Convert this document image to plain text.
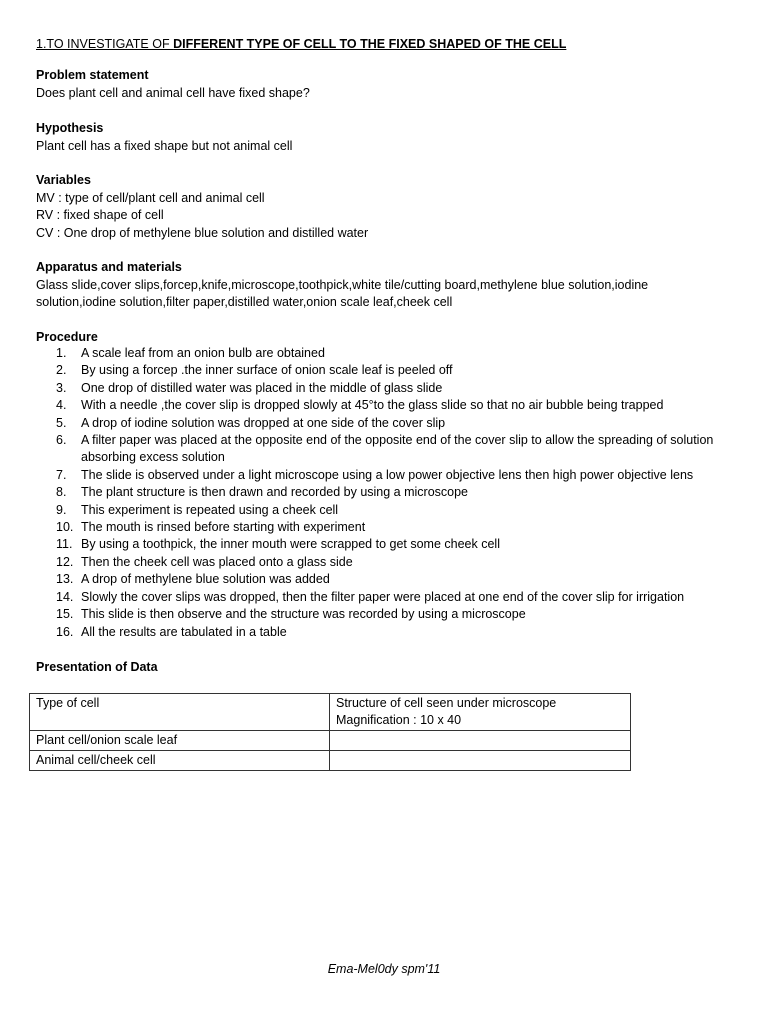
1.TO INVESTIGATE OF DIFFERENT TYPE OF CELL TO THE FIXED SHAPED OF THE CELL
Problem statement
Does plant cell and animal cell have fixed shape?
Hypothesis
Plant cell has a fixed shape but not animal cell
Variables
MV : type of cell/plant cell and animal cell
RV : fixed shape of cell
CV : One drop of methylene blue solution and distilled water
Apparatus and materials
Glass slide,cover slips,forcep,knife,microscope,toothpick,white tile/cutting board,methylene blue solution,iodine
solution,iodine solution,filter paper,distilled water,onion scale leaf,cheek cell
Procedure
1. A scale leaf from an onion bulb are obtained
2. By using a forcep .the inner surface of onion scale leaf is peeled off
3. One drop of distilled water was placed in the middle of glass slide
4. With a needle ,the cover slip is dropped slowly at 45°to the glass slide so that no air bubble being trapped
5. A drop of iodine solution was dropped at one side of the cover slip
6. A filter paper was placed at the opposite end of the opposite end of the cover slip to allow the spreading of solution
absorbing excess solution
7. The slide is observed under a light microscope using a low power objective lens then high power objective lens
8. The plant structure is then drawn and recorded by using a microscope
9. This experiment is repeated using a cheek cell
10. The mouth is rinsed before starting with experiment
11. By using a toothpick, the inner mouth were scrapped to get some cheek cell
12. Then the cheek cell was placed onto a glass side
13. A drop of methylene blue solution was added
14. Slowly the cover slips was dropped, then the filter paper were placed at one end of the cover slip for irrigation
15. This slide is then observe and the structure was recorded by using a microscope
16. All the results are tabulated in a table
Presentation of Data
Type of cell	Structure of cell seen under microscope
Magnification : 10 x 40

Plant cell/onion scale leaf	
Animal cell/cheek cell	
Ema-Mel0dy spm'11
